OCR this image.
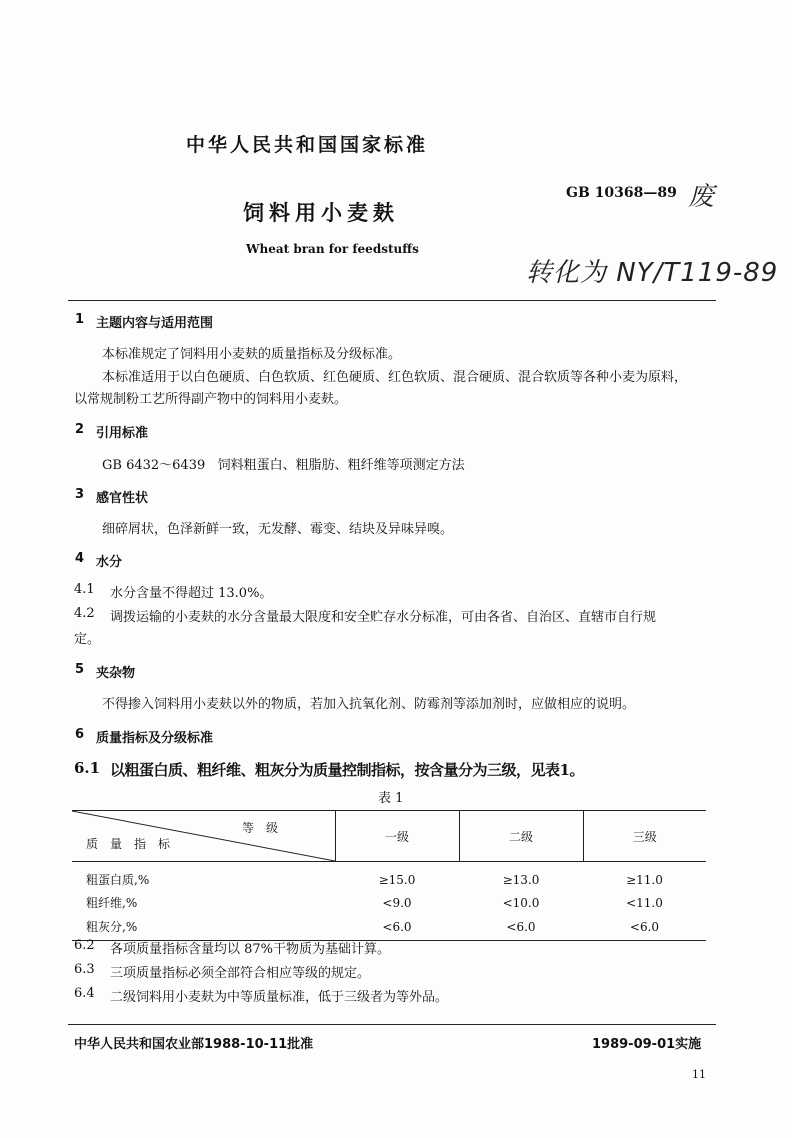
中华人民共和国国家标准
饲料用小麦麸
GB 10368—89 废
Wheat bran for feedstuffs
转化为 NY/T119-89
1 主题内容与适用范围
本标准规定了饲料用小麦麸的质量指标及分级标准。
本标准适用于以白色硬质、白色软质、红色硬质、红色软质、混合硬质、混合软质等各种小麦为原料，
以常规制粉工艺所得副产物中的饲料用小麦麸。
2 引用标准
GB 6432～6439   饲料粗蛋白、粗脂肪、粗纤维等项测定方法
3 感官性状
细碎屑状，色泽新鲜一致，无发酵、霉变、结块及异味异嗅。
4 水分
4.1 水分含量不得超过 13.0%。
4.2 调拨运输的小麦麸的水分含量最大限度和安全贮存水分标准，可由各省、自治区、直辖市自行规
定。
5 夹杂物
不得掺入饲料用小麦麸以外的物质，若加入抗氧化剂、防霉剂等添加剂时，应做相应的说明。
6 质量指标及分级标准
6.1 以粗蛋白质、粗纤维、粗灰分为质量控制指标，按含量分为三级，见表1。
表 1
等　级
质　量　指　标	一级	二级	三级
粗蛋白质,%	≥15.0	≥13.0	≥11.0
粗纤维,%	<9.0	<10.0	<11.0
粗灰分,%	<6.0	<6.0	<6.0
6.2 各项质量指标含量均以 87%干物质为基础计算。
6.3 三项质量指标必须全部符合相应等级的规定。
6.4 二级饲料用小麦麸为中等质量标准，低于三级者为等外品。
中华人民共和国农业部1988-10-11批准	1989-09-01实施
11
